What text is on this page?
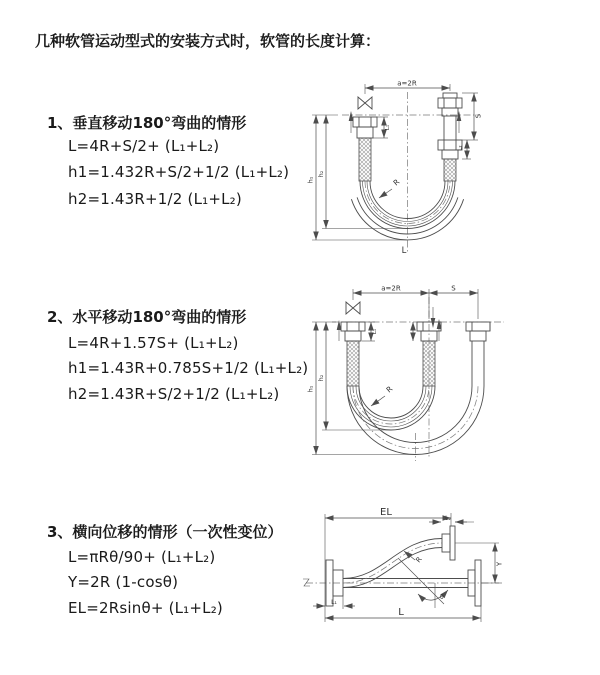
几种软管运动型式的安装方式时，软管的长度计算：
1、垂直移动180°弯曲的情形
L=4R+S/2+ (L₁+L₂)
h1=1.432R+S/2+1/2 (L₁+L₂)
h2=1.43R+1/2 (L₁+L₂)
2、水平移动180°弯曲的情形
L=4R+1.57S+ (L₁+L₂)
h1=1.43R+0.785S+1/2 (L₁+L₂)
h2=1.43R+S/2+1/2 (L₁+L₂)
3、横向位移的情形（一次性变位）
L=πRθ/90+ (L₁+L₂)
Y=2R (1-cosθ)
EL=2Rsinθ+ (L₁+L₂)
a=2R
h₁
h₂
L₁
S
L₂
R
L
a=2R	S
h₁
h₂
L₁
R
EL
L₂
Y
θ
R
L₁
L
